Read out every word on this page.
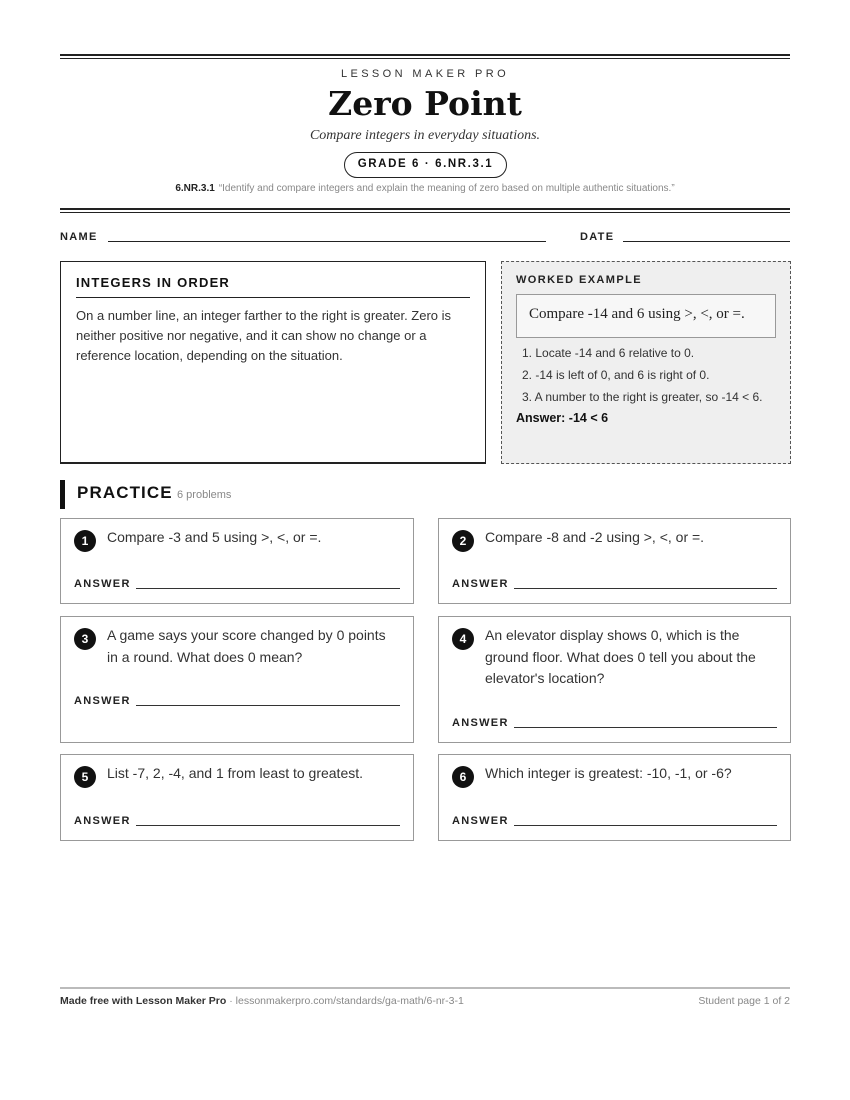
LESSON MAKER PRO
Zero Point
Compare integers in everyday situations.
GRADE 6 · 6.NR.3.1
6.NR.3.1 “Identify and compare integers and explain the meaning of zero based on multiple authentic situations.”
NAME	DATE
INTEGERS IN ORDER
On a number line, an integer farther to the right is greater. Zero is neither positive nor negative, and it can show no change or a reference location, depending on the situation.
WORKED EXAMPLE
Compare -14 and 6 using >, <, or =.
1. Locate -14 and 6 relative to 0.
2. -14 is left of 0, and 6 is right of 0.
3. A number to the right is greater, so -14 < 6.
Answer: -14 < 6
PRACTICE 6 problems
1	Compare -3 and 5 using >, <, or =.
ANSWER
2	Compare -8 and -2 using >, <, or =.
ANSWER
3	A game says your score changed by 0 points in a round. What does 0 mean?
ANSWER
4	An elevator display shows 0, which is the ground floor. What does 0 tell you about the elevator's location?
ANSWER
5	List -7, 2, -4, and 1 from least to greatest.
ANSWER
6	Which integer is greatest: -10, -1, or -6?
ANSWER
Made free with Lesson Maker Pro · lessonmakerpro.com/standards/ga-math/6-nr-3-1	Student page 1 of 2
